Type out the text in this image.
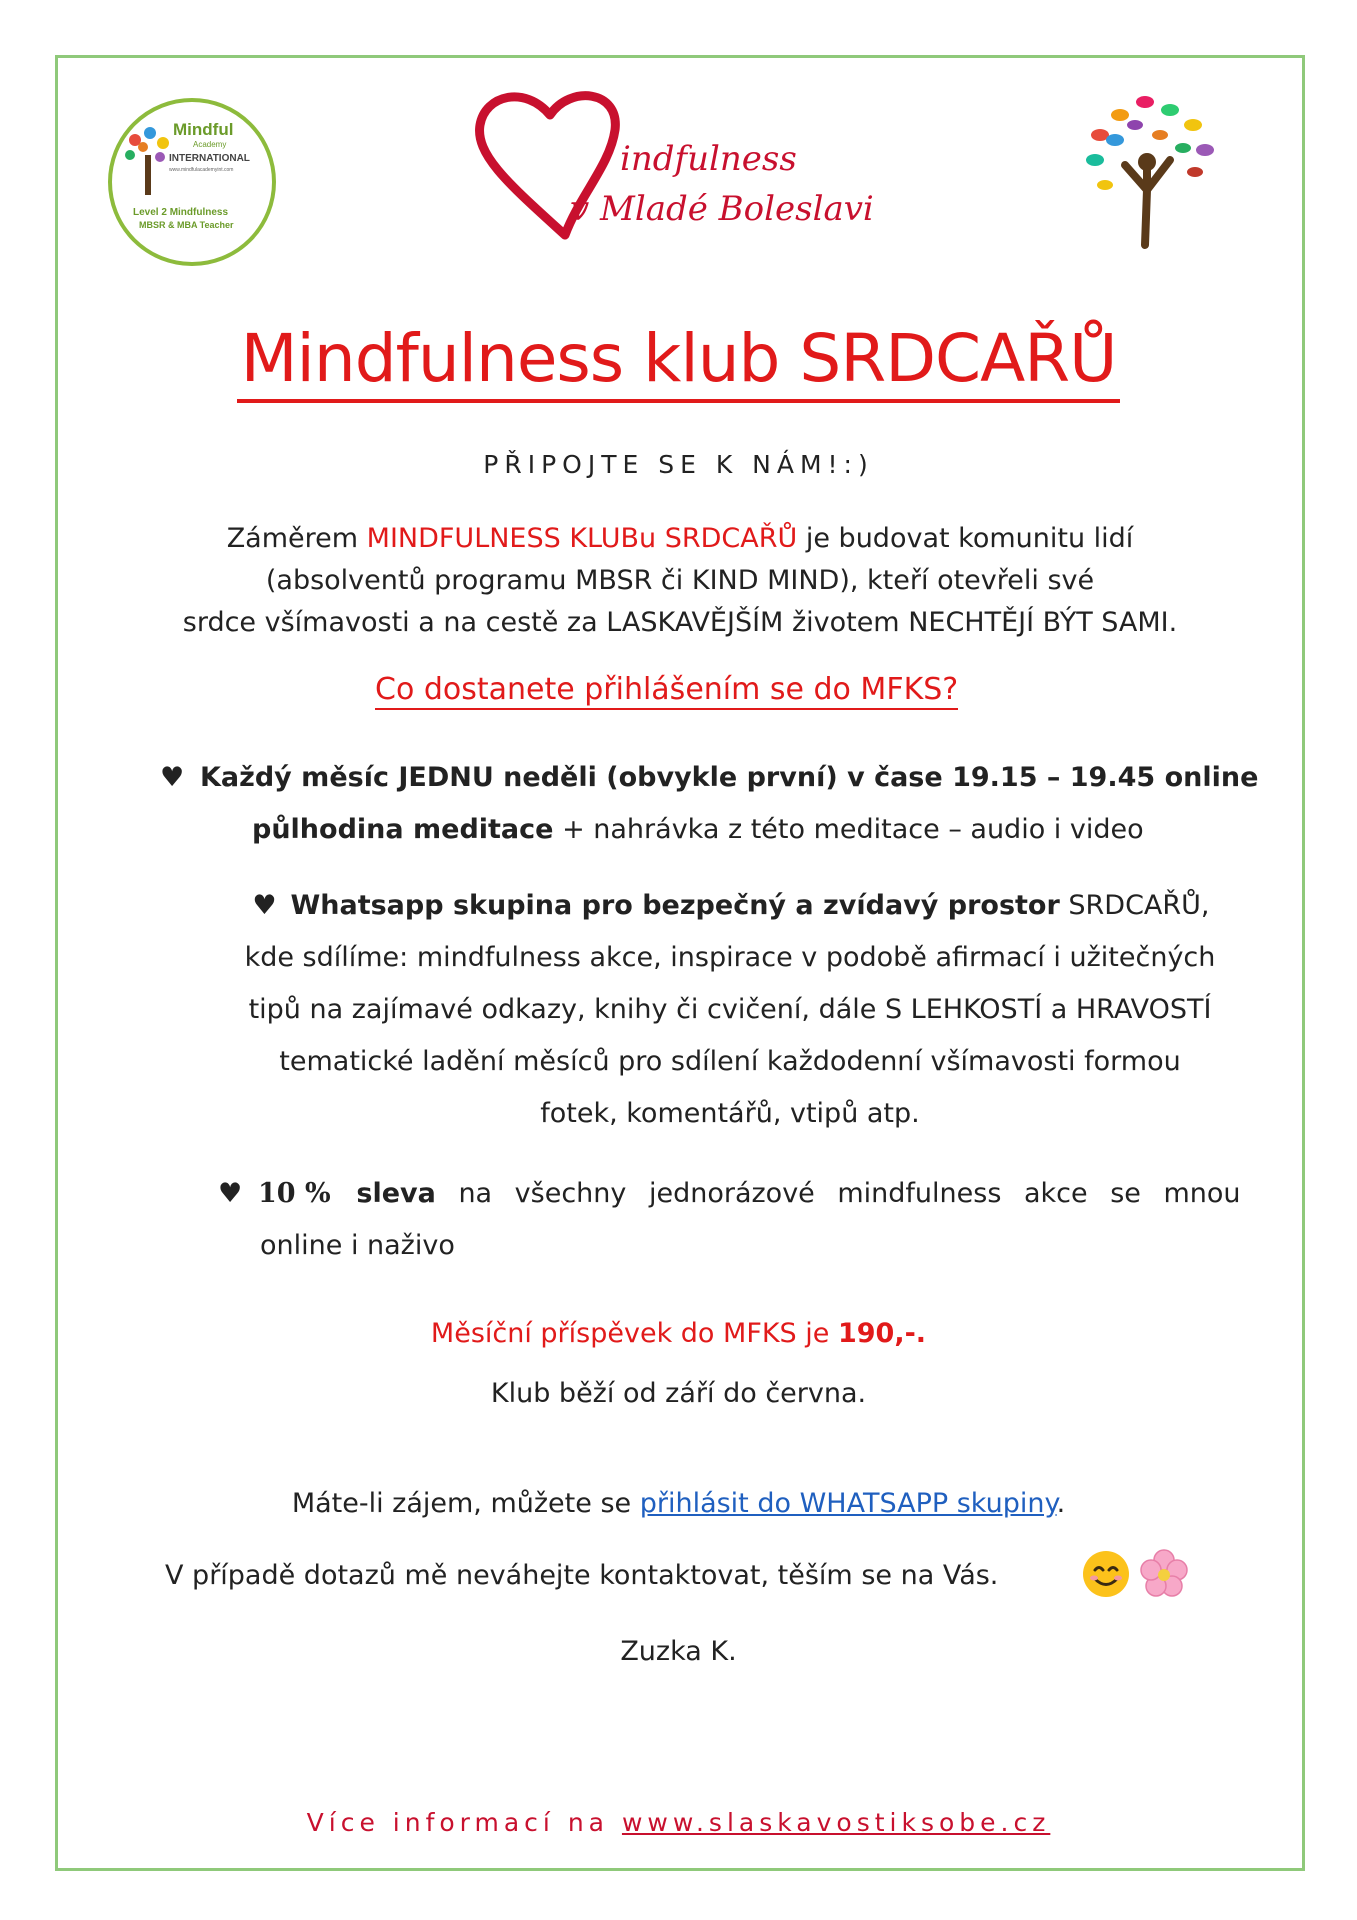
Mindful
Academy
INTERNATIONAL
www.mindfulacademyint.com
Level 2 Mindfulness
MBSR & MBA Teacher
indfulness
v Mladé Boleslavi
Mindfulness klub SRDCAŘŮ
PŘIPOJTE SE K NÁM!:)
Záměrem MINDFULNESS KLUBu SRDCAŘŮ je budovat komunitu lidí
(absolventů programu MBSR či KIND MIND), kteří otevřeli své
srdce všímavosti a na cestě za LASKAVĚJŠÍM životem NECHTĚJÍ BÝT SAMI.
Co dostanete přihlášením se do MFKS?
♥ Každý měsíc JEDNU neděli (obvykle první) v čase 19.15 – 19.45 online
půlhodina meditace + nahrávka z této meditace – audio i video
♥ Whatsapp skupina pro bezpečný a zvídavý prostor SRDCAŘŮ,
kde sdílíme: mindfulness akce, inspirace v podobě afirmací i užitečných
tipů na zajímavé odkazy, knihy či cvičení, dále S LEHKOSTÍ a HRAVOSTÍ
tematické ladění měsíců pro sdílení každodenní všímavosti formou
fotek, komentářů, vtipů atp.
♥ 10 % sleva na všechny jednorázové mindfulness akce se mnou
online i naživo
Měsíční příspěvek do MFKS je 190,-.
Klub běží od září do června.
Máte-li zájem, můžete se přihlásit do WHATSAPP skupiny.
V případě dotazů mě neváhejte kontaktovat, těším se na Vás.
Zuzka K.
Více informací na www.slaskavostiksobe.cz
